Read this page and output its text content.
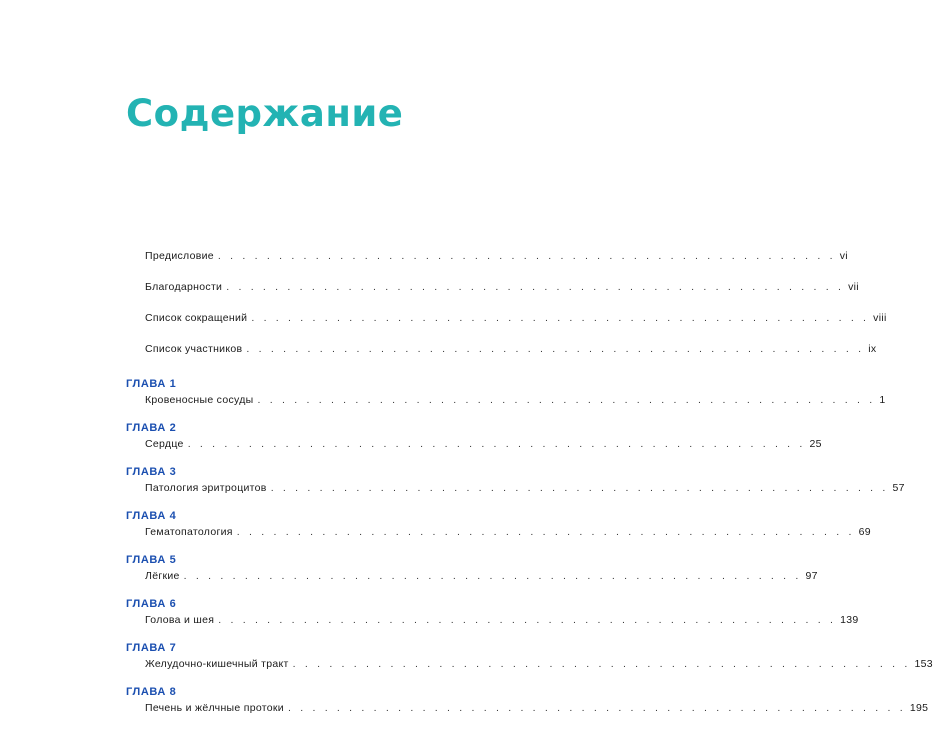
Содержание
Предисловие . . . . . . . . . . . . . . . . . . . . . . . . . . . . . . . . . . . . . . . . . . . . . . . . . . . vi
Благодарности . . . . . . . . . . . . . . . . . . . . . . . . . . . . . . . . . . . . . . . . . . . . . . . . . . . vii
Список сокращений . . . . . . . . . . . . . . . . . . . . . . . . . . . . . . . . . . . . . . . . . . . . . . . . . . . viii
Список участников . . . . . . . . . . . . . . . . . . . . . . . . . . . . . . . . . . . . . . . . . . . . . . . . . . . ix
ГЛАВА 1
Кровеносные сосуды . . . . . . . . . . . . . . . . . . . . . . . . . . . . . . . . . . . . . . . . . . . . . . . . . . . 1
ГЛАВА 2
Сердце . . . . . . . . . . . . . . . . . . . . . . . . . . . . . . . . . . . . . . . . . . . . . . . . . . . 25
ГЛАВА 3
Патология эритроцитов . . . . . . . . . . . . . . . . . . . . . . . . . . . . . . . . . . . . . . . . . . . . . . . . . . . 57
ГЛАВА 4
Гематопатология . . . . . . . . . . . . . . . . . . . . . . . . . . . . . . . . . . . . . . . . . . . . . . . . . . . 69
ГЛАВА 5
Лёгкие . . . . . . . . . . . . . . . . . . . . . . . . . . . . . . . . . . . . . . . . . . . . . . . . . . . 97
ГЛАВА 6
Голова и шея . . . . . . . . . . . . . . . . . . . . . . . . . . . . . . . . . . . . . . . . . . . . . . . . . . . 139
ГЛАВА 7
Желудочно-кишечный тракт . . . . . . . . . . . . . . . . . . . . . . . . . . . . . . . . . . . . . . . . . . . . . . . . . . . 153
ГЛАВА 8
Печень и жёлчные протоки . . . . . . . . . . . . . . . . . . . . . . . . . . . . . . . . . . . . . . . . . . . . . . . . . . . 195
